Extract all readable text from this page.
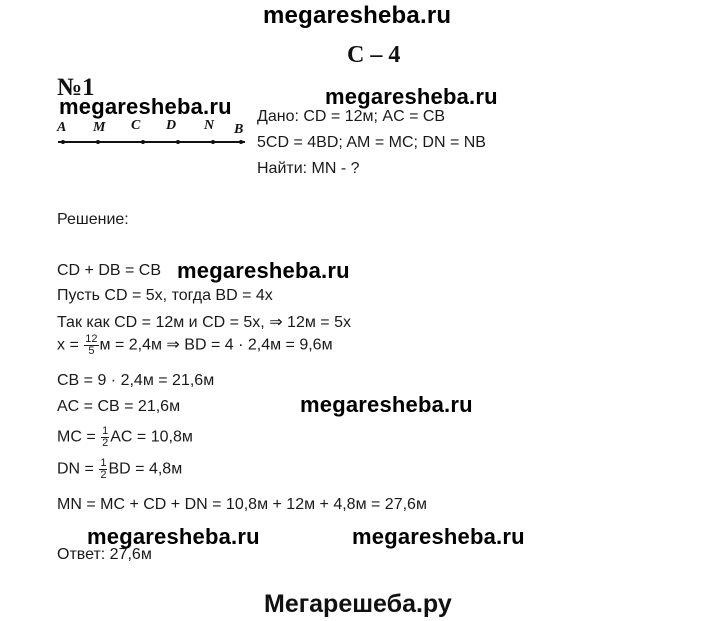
megaresheba.ru
С – 4
№1
megaresheba.ru	megaresheba.ru
A M C D N B
Дано: CD = 12м; AC = CB
5CD = 4BD; AM = MC; DN = NB
Найти: MN - ?
Решение:
CD + DB = CB megaresheba.ru
Пусть CD = 5x, тогда BD = 4x
Так как CD = 12м и CD = 5x, ⇒ 12м = 5x
$x = \frac{12}{5}$ м = 2,4м ⇒ BD = 4 · 2,4м = 9,6м
CB = 9 · 2,4м = 21,6м
AC = CB = 21,6м	megaresheba.ru
MC = $\frac{1}{2}$ AC = 10,8м
DN = $\frac{1}{2}$ BD = 4,8м
MN = MC + CD + DN = 10,8м + 12м + 4,8м = 27,6м
megaresheba.ru	megaresheba.ru
Ответ: 27,6м
Мегарешеба.ру
